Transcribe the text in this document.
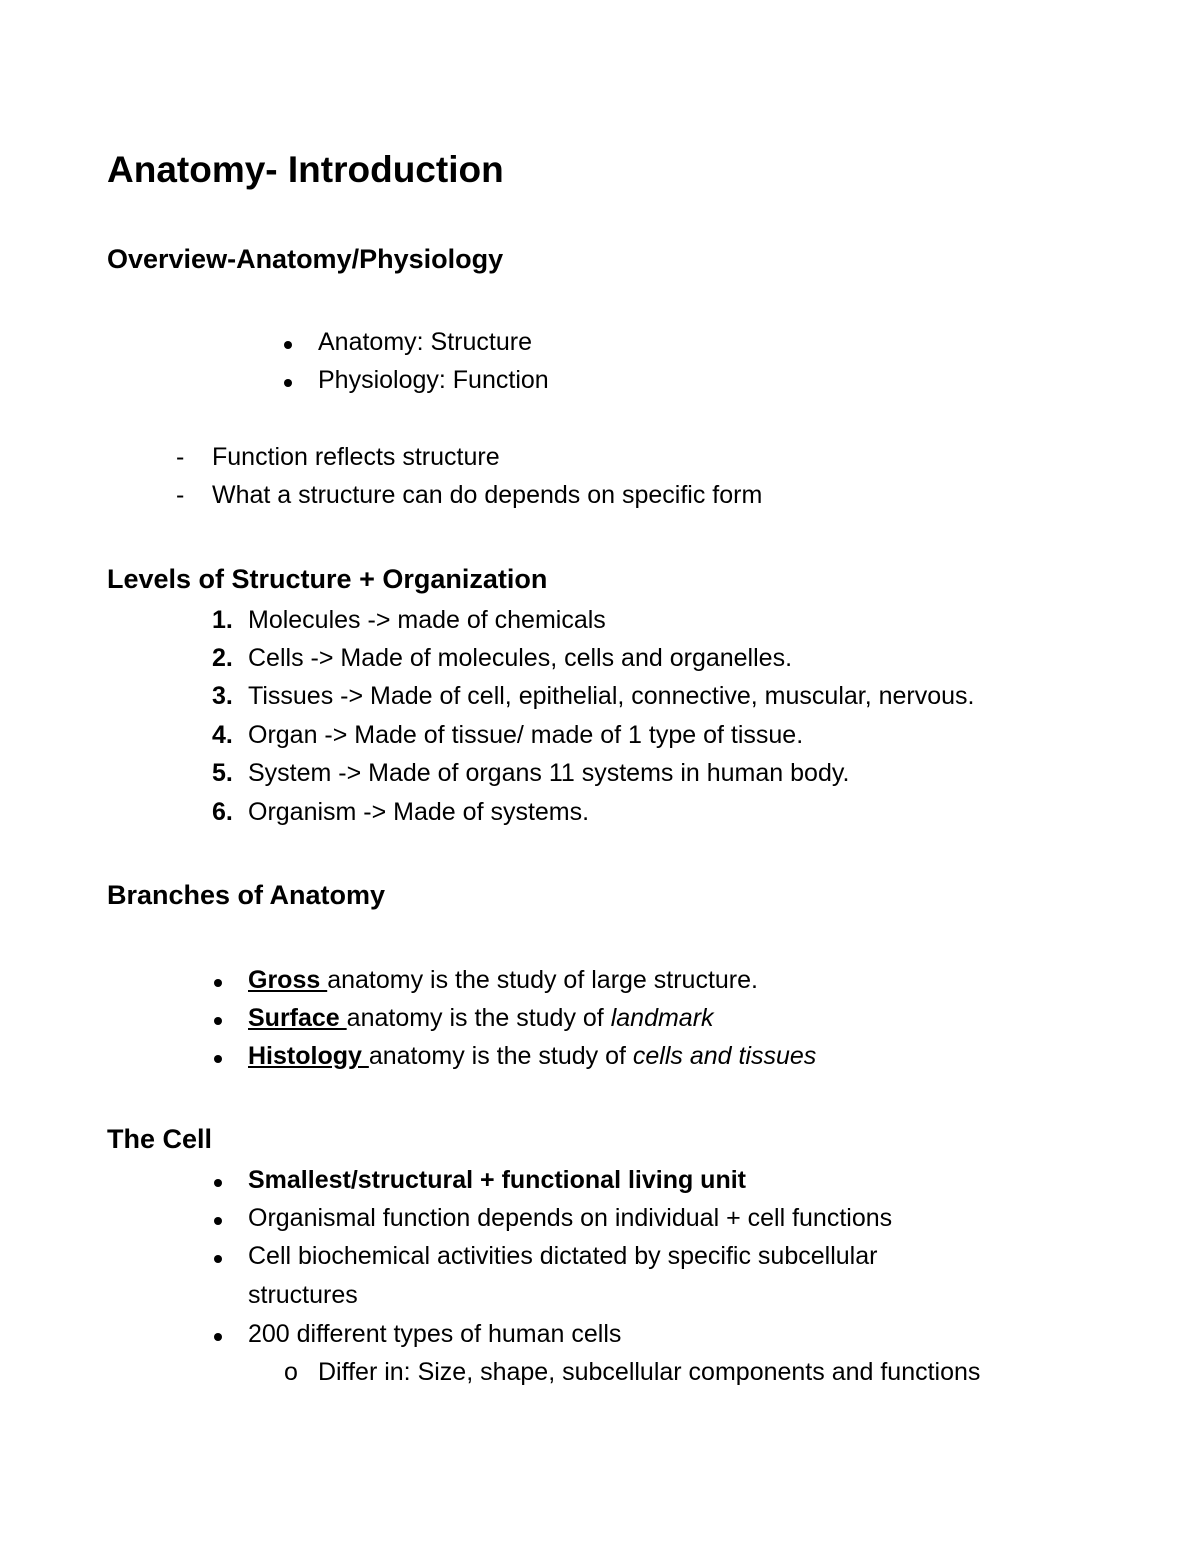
Anatomy- Introduction
Overview-Anatomy/Physiology
Anatomy: Structure
Physiology: Function
- Function reflects structure
- What a structure can do depends on specific form
Levels of Structure + Organization
1. Molecules -> made of chemicals
2. Cells -> Made of molecules, cells and organelles.
3. Tissues -> Made of cell, epithelial, connective, muscular, nervous.
4. Organ -> Made of tissue/ made of 1 type of tissue.
5. System -> Made of organs 11 systems in human body.
6. Organism -> Made of systems.
Branches of Anatomy
Gross anatomy is the study of large structure.
Surface anatomy is the study of landmark
Histology anatomy is the study of cells and tissues
The Cell
Smallest/structural + functional living unit
Organismal function depends on individual + cell functions
Cell biochemical activities dictated by specific subcellular
structures
200 different types of human cells
o Differ in: Size, shape, subcellular components and functions
